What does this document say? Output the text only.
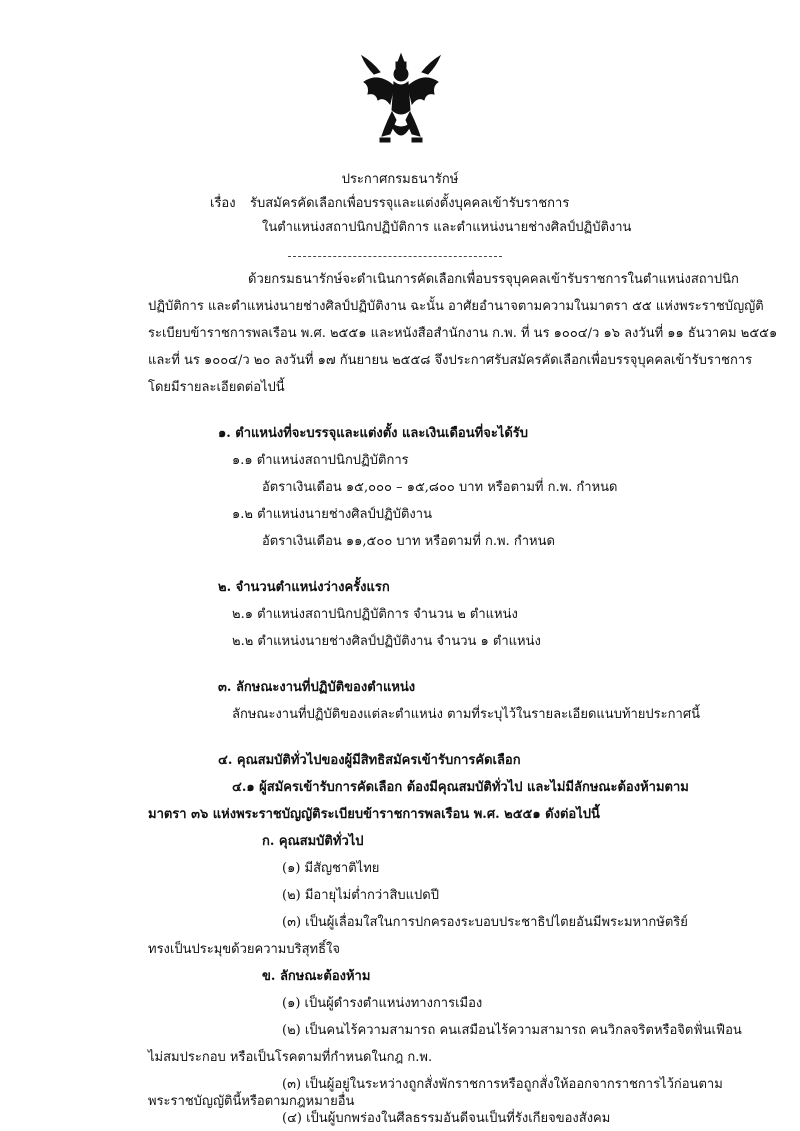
ประกาศกรมธนารักษ์
เรื่อง รับสมัครคัดเลือกเพื่อบรรจุและแต่งตั้งบุคคลเข้ารับราชการ
ในตำแหน่งสถาปนิกปฏิบัติการ และตำแหน่งนายช่างศิลป์ปฏิบัติงาน
ด้วยกรมธนารักษ์จะดำเนินการคัดเลือกเพื่อบรรจุบุคคลเข้ารับราชการในตำแหน่งสถาปนิก
ปฏิบัติการ และตำแหน่งนายช่างศิลป์ปฏิบัติงาน ฉะนั้น อาศัยอำนาจตามความในมาตรา ๕๕ แห่งพระราชบัญญัติ
ระเบียบข้าราชการพลเรือน พ.ศ. ๒๕๕๑ และหนังสือสำนักงาน ก.พ. ที่ นร ๑๐๐๔/ว ๑๖ ลงวันที่ ๑๑ ธันวาคม ๒๕๕๑
และที่ นร ๑๐๐๔/ว ๒๐ ลงวันที่ ๑๗ กันยายน ๒๕๕๘ จึงประกาศรับสมัครคัดเลือกเพื่อบรรจุบุคคลเข้ารับราชการ
โดยมีรายละเอียดต่อไปนี้
๑. ตำแหน่งที่จะบรรจุและแต่งตั้ง และเงินเดือนที่จะได้รับ
๑.๑ ตำแหน่งสถาปนิกปฏิบัติการ
อัตราเงินเดือน ๑๕,๐๐๐ – ๑๕,๘๐๐ บาท หรือตามที่ ก.พ. กำหนด
๑.๒ ตำแหน่งนายช่างศิลป์ปฏิบัติงาน
อัตราเงินเดือน ๑๑,๕๐๐ บาท หรือตามที่ ก.พ. กำหนด
๒. จำนวนตำแหน่งว่างครั้งแรก
๒.๑ ตำแหน่งสถาปนิกปฏิบัติการ จำนวน ๒ ตำแหน่ง
๒.๒ ตำแหน่งนายช่างศิลป์ปฏิบัติงาน จำนวน ๑ ตำแหน่ง
๓. ลักษณะงานที่ปฏิบัติของตำแหน่ง
ลักษณะงานที่ปฏิบัติของแต่ละตำแหน่ง ตามที่ระบุไว้ในรายละเอียดแนบท้ายประกาศนี้
๔. คุณสมบัติทั่วไปของผู้มีสิทธิสมัครเข้ารับการคัดเลือก
๔.๑ ผู้สมัครเข้ารับการคัดเลือก ต้องมีคุณสมบัติทั่วไป และไม่มีลักษณะต้องห้ามตาม
มาตรา ๓๖ แห่งพระราชบัญญัติระเบียบข้าราชการพลเรือน พ.ศ. ๒๕๕๑ ดังต่อไปนี้
ก. คุณสมบัติทั่วไป
(๑) มีสัญชาติไทย
(๒) มีอายุไม่ต่ำกว่าสิบแปดปี
(๓) เป็นผู้เลื่อมใสในการปกครองระบอบประชาธิปไตยอันมีพระมหากษัตริย์
ทรงเป็นประมุขด้วยความบริสุทธิ์ใจ
ข. ลักษณะต้องห้าม
(๑) เป็นผู้ดำรงตำแหน่งทางการเมือง
(๒) เป็นคนไร้ความสามารถ คนเสมือนไร้ความสามารถ คนวิกลจริตหรือจิตฟั่นเฟือน
ไม่สมประกอบ หรือเป็นโรคตามที่กำหนดในกฎ ก.พ.
(๓) เป็นผู้อยู่ในระหว่างถูกสั่งพักราชการหรือถูกสั่งให้ออกจากราชการไว้ก่อนตาม
พระราชบัญญัตินี้หรือตามกฎหมายอื่น
(๔) เป็นผู้บกพร่องในศีลธรรมอันดีจนเป็นที่รังเกียจของสังคม
